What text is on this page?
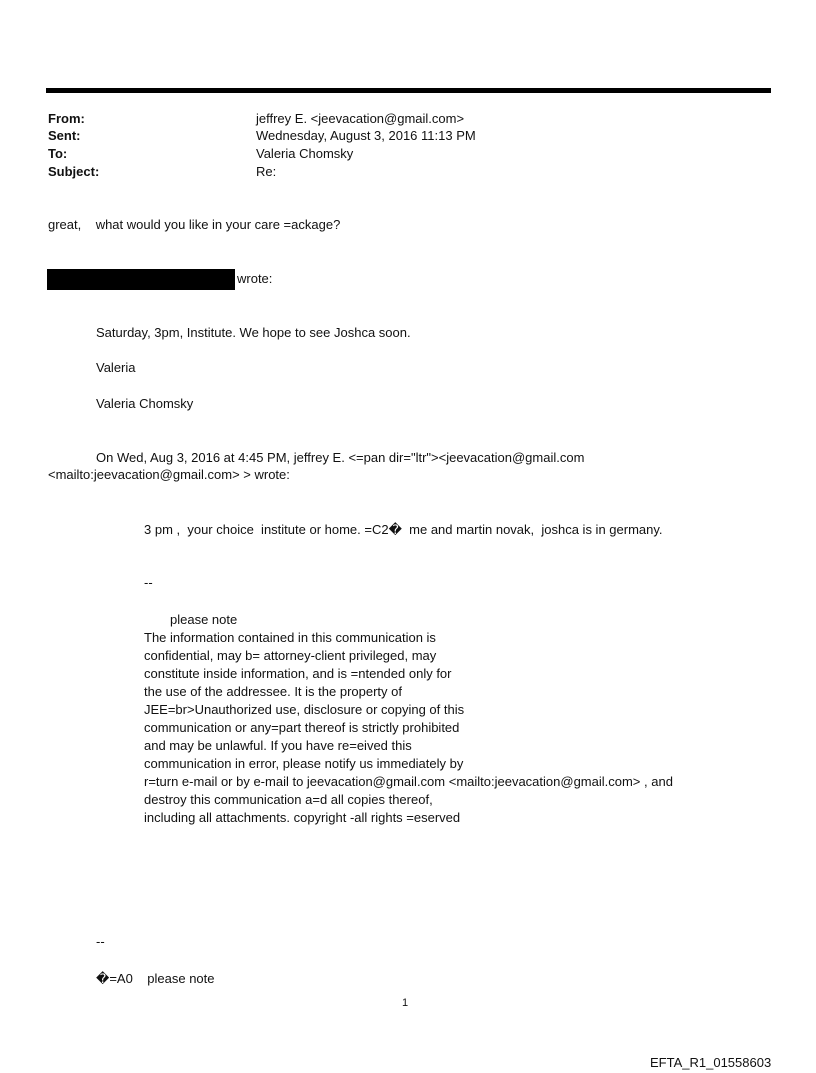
From:	jeffrey E. <jeevacation@gmail.com>
Sent:	Wednesday, August 3, 2016 11:13 PM
To:	Valeria Chomsky
Subject:	Re:
great,    what would you like in your care =ackage?
wrote:
Saturday, 3pm, Institute. We hope to see Joshca soon.
Valeria
Valeria Chomsky
On Wed, Aug 3, 2016 at 4:45 PM, jeffrey E. <=pan dir="ltr"><jeevacation@gmail.com
<mailto:jeevacation@gmail.com> > wrote:
3 pm ,  your choice  institute or home. =C2�  me and martin novak,  joshca is in germany.
--
please note
The information contained in this communication is
confidential, may b= attorney-client privileged, may
constitute inside information, and is =ntended only for
the use of the addressee. It is the property of
JEE=br>Unauthorized use, disclosure or copying of this
communication or any=part thereof is strictly prohibited
and may be unlawful. If you have re=eived this
communication in error, please notify us immediately by
r=turn e-mail or by e-mail to jeevacation@gmail.com <mailto:jeevacation@gmail.com> , and
destroy this communication a=d all copies thereof,
including all attachments. copyright -all rights =eserved
--
�=A0    please note
1
EFTA_R1_01558603
